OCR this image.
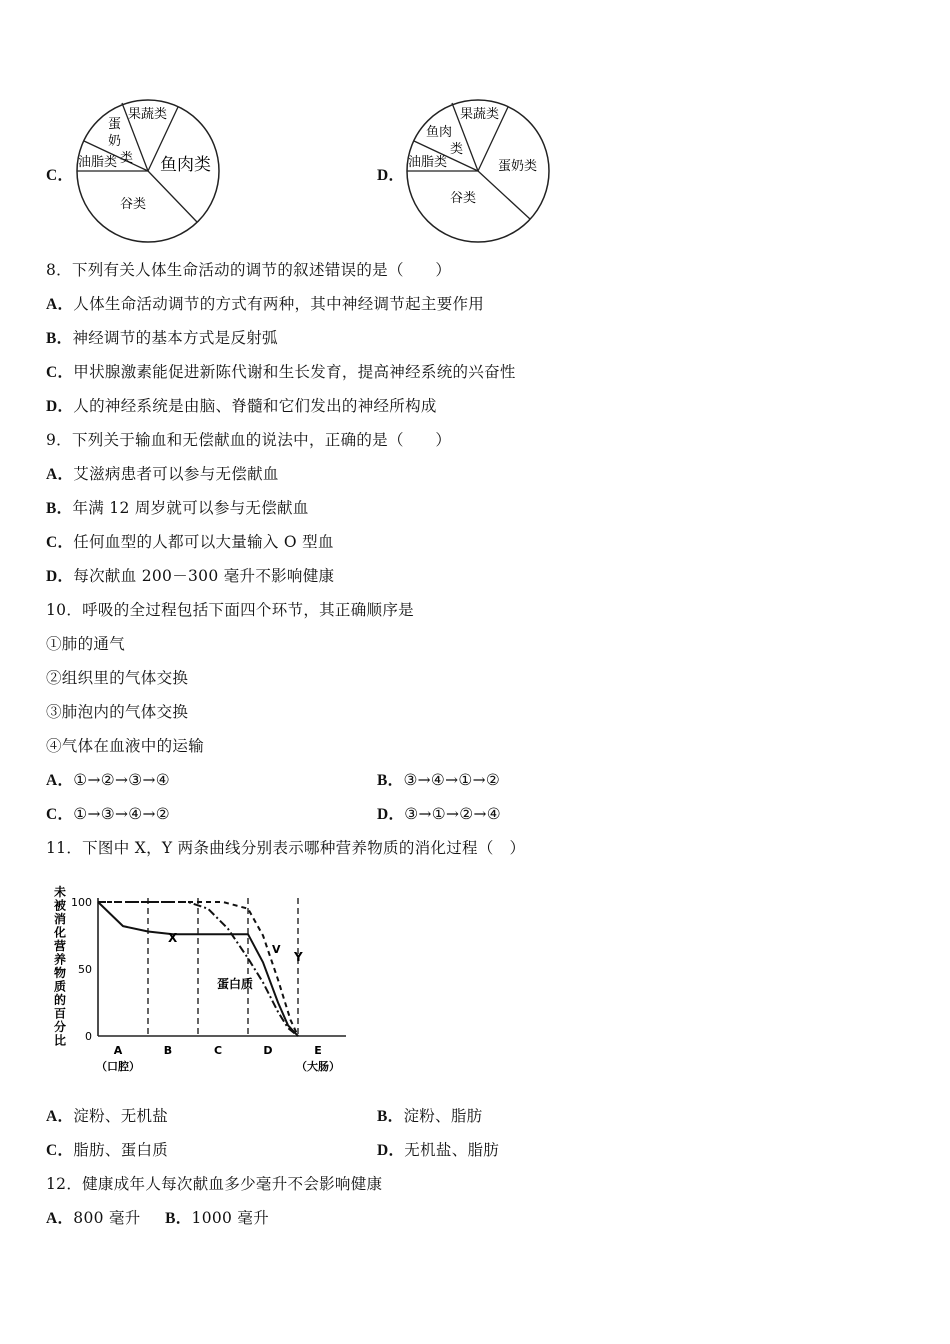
C．
果蔬类
蛋
奶
类
油脂类	鱼肉类
谷类
D．
果蔬类
鱼肉
类
油脂类	蛋奶类
谷类
8．下列有关人体生命活动的调节的叙述错误的是（　　）
A．人体生命活动调节的方式有两种，其中神经调节起主要作用
B．神经调节的基本方式是反射弧
C．甲状腺激素能促进新陈代谢和生长发育，提高神经系统的兴奋性
D．人的神经系统是由脑、脊髓和它们发出的神经所构成
9．下列关于输血和无偿献血的说法中，正确的是（　　）
A．艾滋病患者可以参与无偿献血
B．年满 12 周岁就可以参与无偿献血
C．任何血型的人都可以大量输入 O 型血
D．每次献血 200－300 毫升不影响健康
10．呼吸的全过程包括下面四个环节，其正确顺序是
①肺的通气
②组织里的气体交换
③肺泡内的气体交换
④气体在血液中的运输
A．①→②→③→④	B．③→④→①→②
C．①→③→④→②	D．③→①→②→④
11．下图中 X，Y 两条曲线分别表示哪种营养物质的消化过程（　）
未
被
消
化
营
养
物
质
的
百
分
比
100
50
0
A
（口腔）
B	C	D	E
（大肠）
X
Y
蛋白质
V
A．淀粉、无机盐	B．淀粉、脂肪
C．脂肪、蛋白质	D．无机盐、脂肪
12．健康成年人每次献血多少毫升不会影响健康
A．800 毫升 B．1000 毫升
